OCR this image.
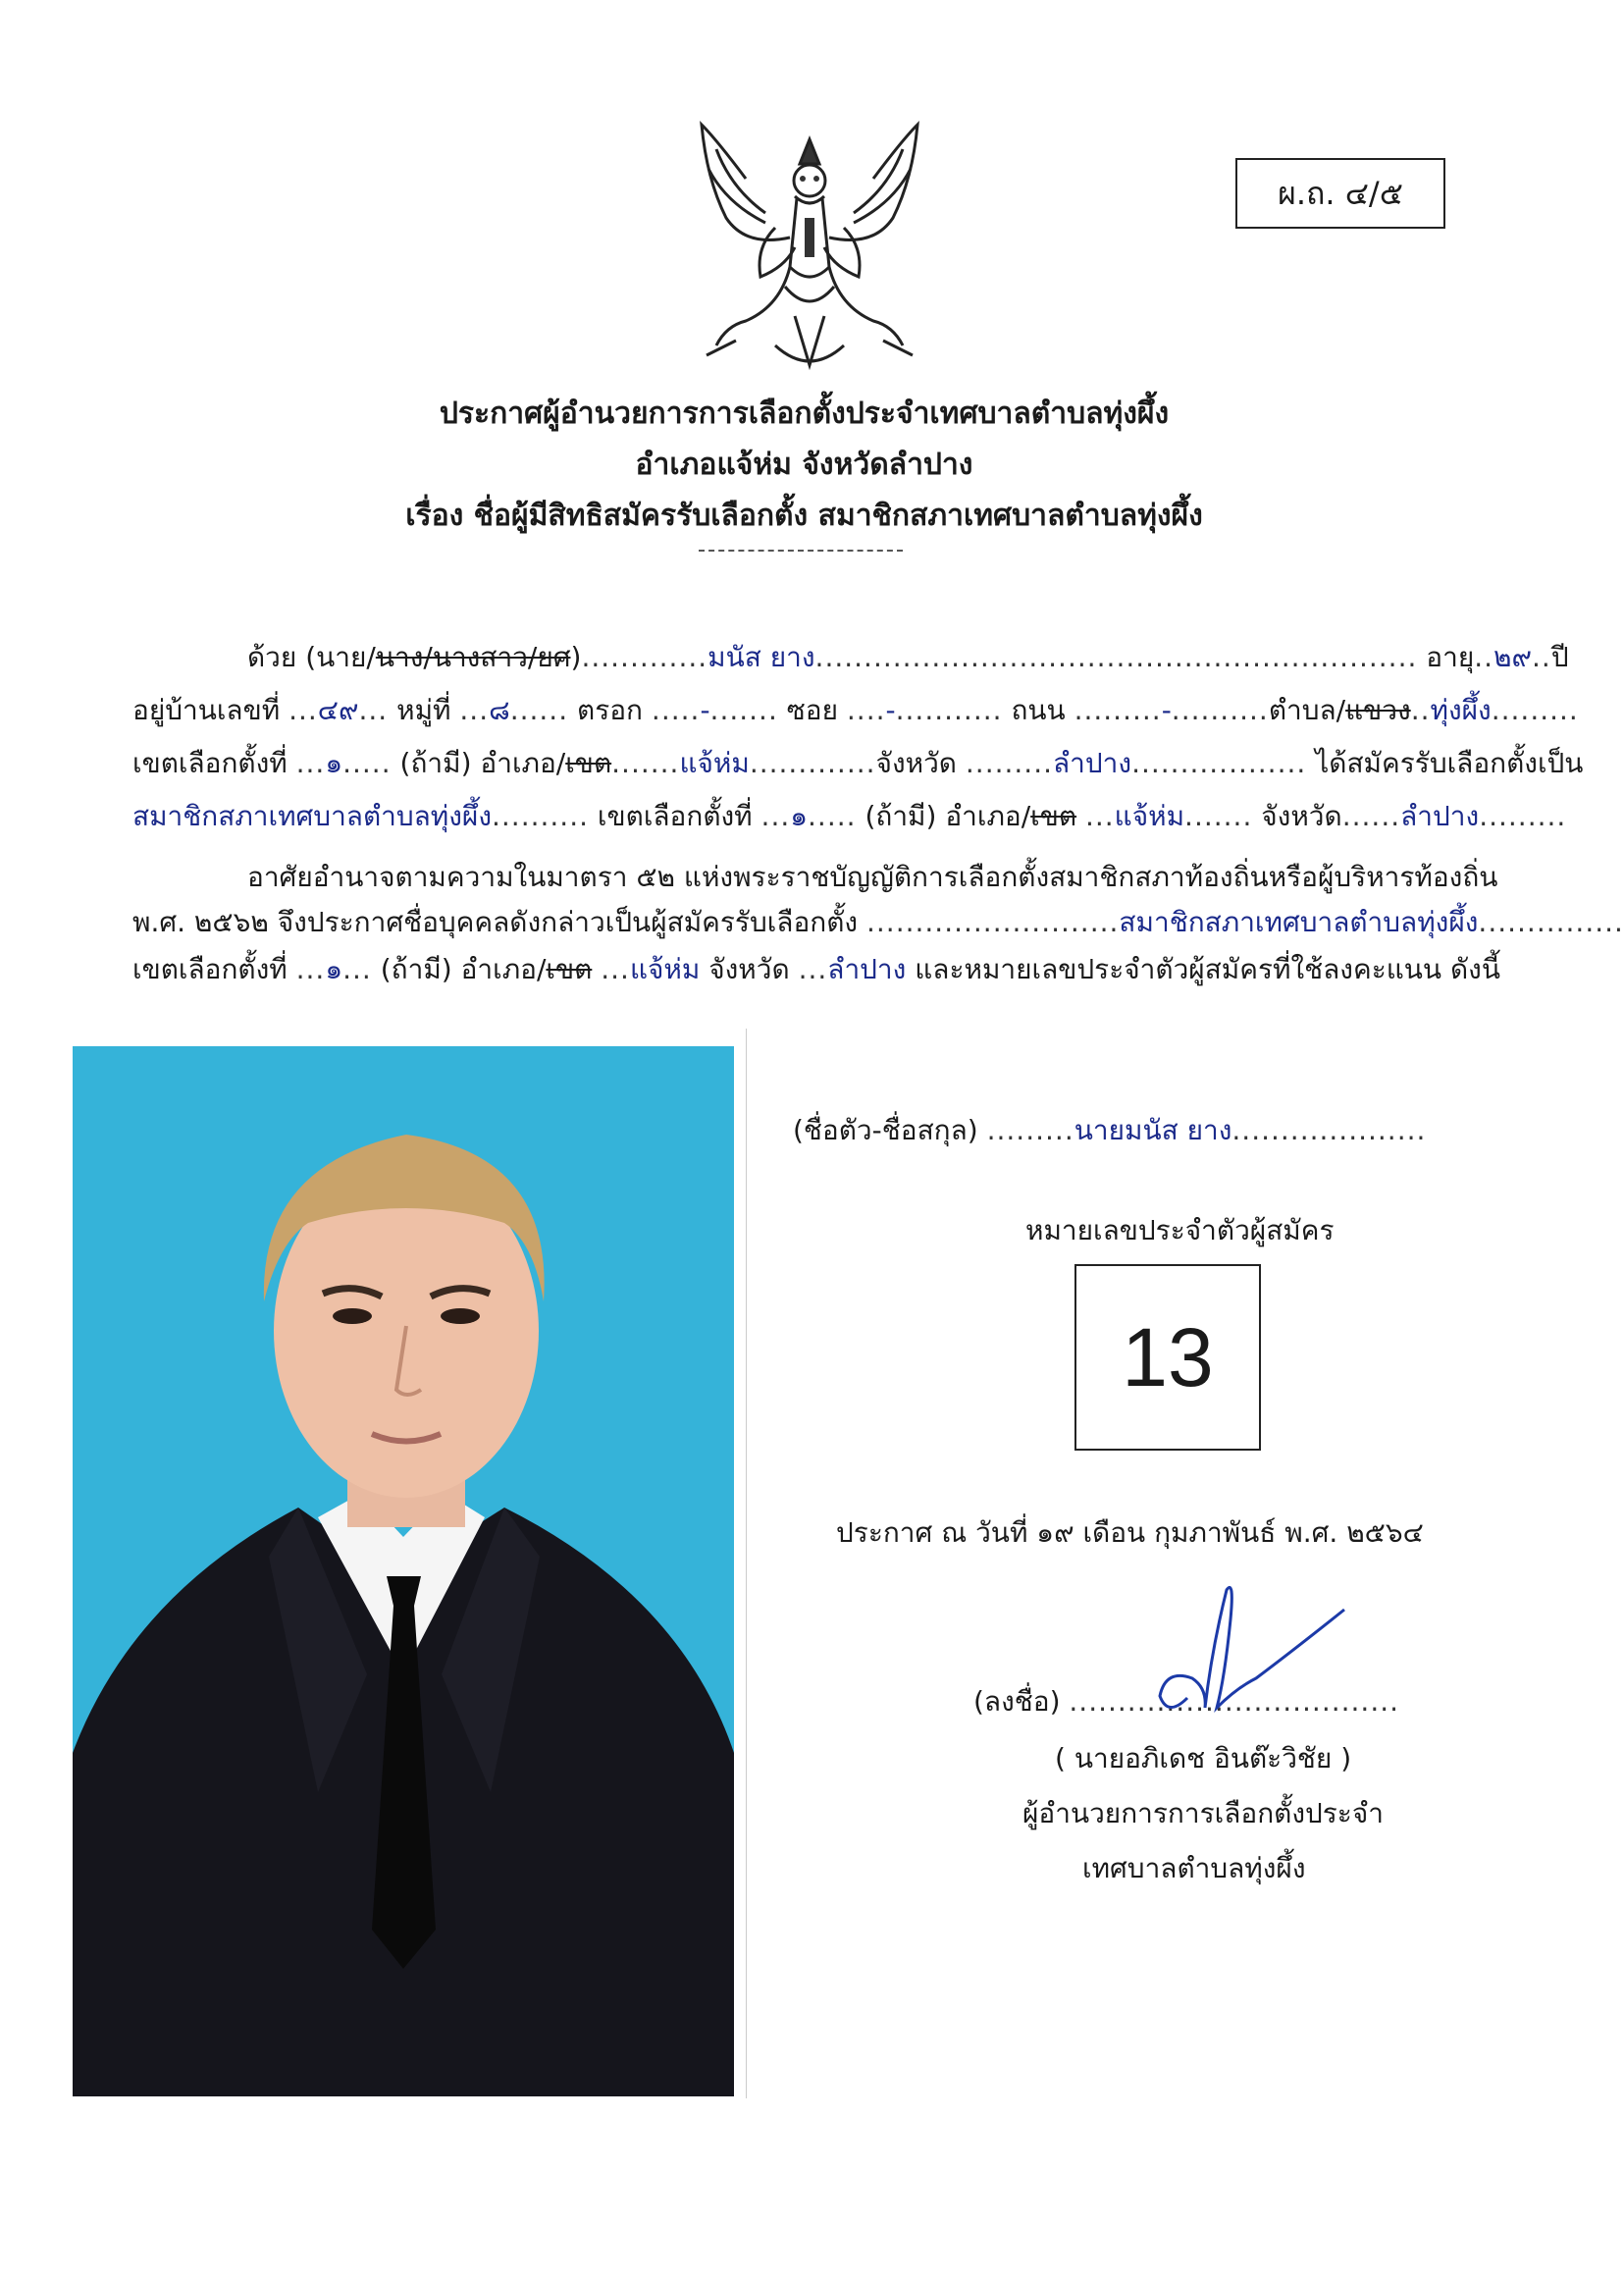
ผ.ถ. ๔/๕
ประกาศผู้อำนวยการการเลือกตั้งประจำเทศบาลตำบลทุ่งผึ้ง
อำเภอแจ้ห่ม จังหวัดลำปาง
เรื่อง ชื่อผู้มีสิทธิสมัครรับเลือกตั้ง สมาชิกสภาเทศบาลตำบลทุ่งผึ้ง
ด้วย (นาย/นาง/นางสาว/ยศ).............มนัส ยาง.............................................................. อายุ..๒๙..ปี
อยู่บ้านเลขที่ ...๔๙... หมู่ที่ ...๘...... ตรอก .....-....... ซอย ....-........... ถนน .........-..........ตำบล/แขวง..ทุ่งผึ้ง.........
เขตเลือกตั้งที่ ...๑..... (ถ้ามี) อำเภอ/เขต.......แจ้ห่ม.............จังหวัด .........ลำปาง.................. ได้สมัครรับเลือกตั้งเป็น
สมาชิกสภาเทศบาลตำบลทุ่งผึ้ง.......... เขตเลือกตั้งที่ ...๑..... (ถ้ามี) อำเภอ/เขต ...แจ้ห่ม....... จังหวัด......ลำปาง.........
อาศัยอำนาจตามความในมาตรา ๕๒ แห่งพระราชบัญญัติการเลือกตั้งสมาชิกสภาท้องถิ่นหรือผู้บริหารท้องถิ่น
พ.ศ. ๒๕๖๒ จึงประกาศชื่อบุคคลดังกล่าวเป็นผู้สมัครรับเลือกตั้ง ..........................สมาชิกสภาเทศบาลตำบลทุ่งผึ้ง...............
เขตเลือกตั้งที่ ...๑... (ถ้ามี) อำเภอ/เขต ...แจ้ห่ม จังหวัด ...ลำปาง และหมายเลขประจำตัวผู้สมัครที่ใช้ลงคะแนน ดังนี้
(ชื่อตัว-ชื่อสกุล) .........นายมนัส ยาง....................
หมายเลขประจำตัวผู้สมัคร
13
ประกาศ ณ วันที่ ๑๙ เดือน กุมภาพันธ์ พ.ศ. ๒๕๖๔
(ลงชื่อ) ..................................
( นายอภิเดช อินต๊ะวิชัย )
ผู้อำนวยการการเลือกตั้งประจำ
เทศบาลตำบลทุ่งผึ้ง
